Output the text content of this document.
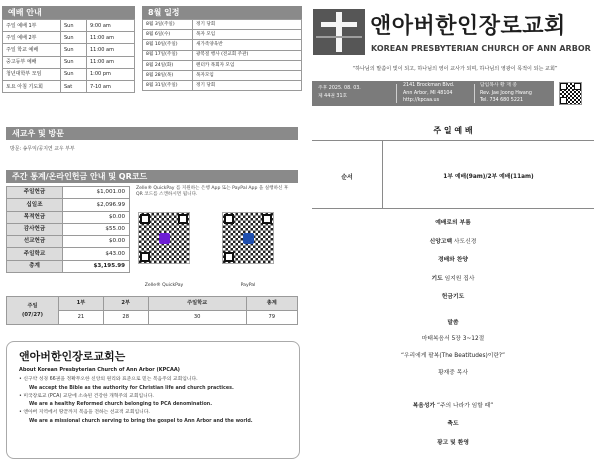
예배 안내
주일 예배 1부	Sun	9:00 am
주일 예배 2부	Sun	11:00 am
주일 학교 예배	Sun	11:00 am
중고등부 예배	Sun	11:00 am
청년대학부 모임	Sun	1:00 pm
토요 아침 기도회	Sat	7-10 am
8월 일정
8월 3일(주일)	정기 당회
8월 6일(수)	목자 모임
8월 10일(주일)	새가족양육반
8월 17일(주일)	광복절 행사 (전교회 주관)
8월 24일(화)	렌터카 목회자 모임
8월 28일(목)	목자모임
8월 31일(주일)	정기 당회
앤아버한인장로교회
KOREAN PRESBYTERIAN CHURCH OF ANN ARBOR
“하나님의 말씀이 빛이 되고, 하나님의 영이 교사가 되며, 하나님의 영광이 목적이 되는 교회”
주후 2025. 08. 03.
제 44권 31호
2141 Brockman Blvd.
Ann Arbor, MI 48104
http://kpcaa.us
담임목사 황 재 중
Rev. Jae Joong Hwang
Tel. 734 680 5221
새교우 및 방문
방문: 송무익/공지연 교우 부부
주간 통계/온라인헌금 안내 및 QR코드
주일헌금	$1,001.00
십일조	$2,096.99
목적헌금	$0.00
감사헌금	$55.00
선교헌금	$0.00
주일학교	$43.00
총계	$3,195.99
Zelle® QuickPay 를 지원하는 은행 App 또는 PayPal App 을 실행하신 후 QR 코드를 스캔하시면 됩니다.
Zelle® QuickPay	PayPal
주일
(07/27)	1부	2부	주일학교	총계
	21	28	30	79
앤아버한인장로교회는
About Korean Presbyterian Church of Ann Arbor (KPCAA)
• 신구약 성경 66권을 정확무오한 신앙의 원리와 표준으로 믿는 복음주의 교회입니다.
We accept the Bible as the authority for Christian life and church practices.
• 미국장로교 (PCA) 교단에 소속된 건강한 개혁주의 교회입니다.
We are a healthy Reformed church belonging to PCA denomination.
• 앤아버 지역에서 땅끝까지 복음을 전하는 선교적 교회입니다.
We are a missional church serving to bring the gospel to Ann Arbor and the world.
주 일 예 배
순서	1부 예배(9am)/2부 예배(11am)
예배로의 부름
신앙고백 사도신경
경배와 찬양
기도 임지원 집사
헌금기도
말씀
마태복음서 5장 3~12절
“우리에게 팔복(The Beatitudes)이란?”
황재중 목사
복음성가 “주의 나라가 임할 때”
축도
광고 및 환영
